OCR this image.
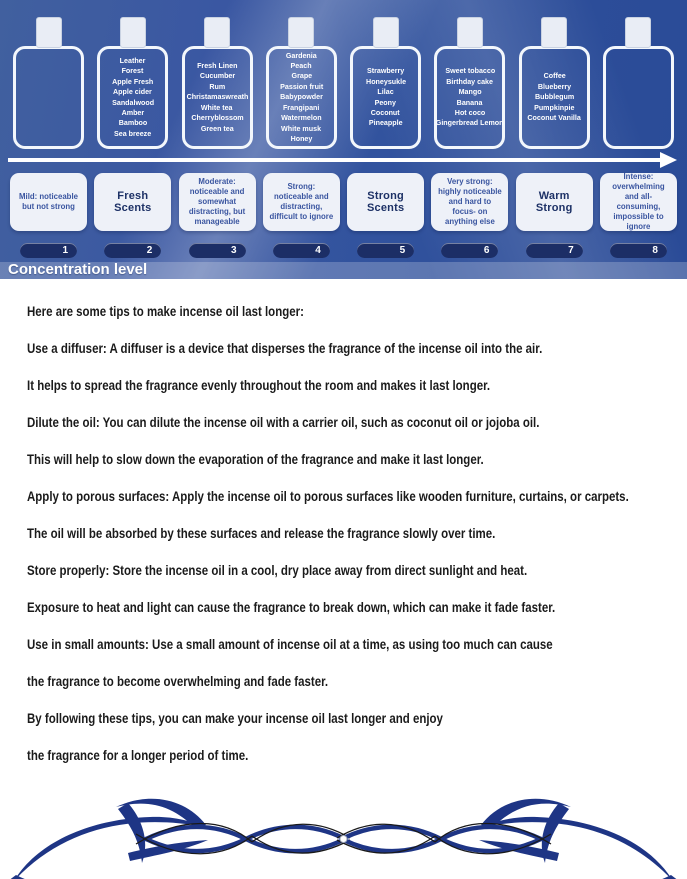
Leather
Forest
Apple Fresh
Apple cider
Sandalwood
Amber
Bamboo
Sea breeze
Fresh Linen
Cucumber
Rum
Christamaswreath
White tea
Cherryblossom
Green tea
Gardenia
Peach
Grape
Passion fruit
Babypowder
Frangipani
Watermelon
White musk
Honey
Strawberry
Honeysukle
Lilac
Peony
Coconut
Pineapple
Sweet tobacco
Birthday cake
Mango
Banana
Hot coco
Gingerbread Lemon
Coffee
Blueberry
Bubblegum
Pumpkinpie
Coconut Vanilla
Mild: noticeable but not strong
Fresh Scents
Moderate: noticeable and somewhat distracting, but manageable
Strong: noticeable and distracting, difficult to ignore
Strong Scents
Very strong: highly noticeable and hard to focus- on anything else
Warm Strong
Intense: overwhelming and all-consuming, impossible to ignore
1	2	3	4	5	6	7	8
Concentration level
Here are some tips to make incense oil last longer:
Use a diffuser: A diffuser is a device that disperses the fragrance of the incense oil into the air.
It helps to spread the fragrance evenly throughout the room and makes it last longer.
Dilute the oil: You can dilute the incense oil with a carrier oil, such as coconut oil or jojoba oil.
This will help to slow down the evaporation of the fragrance and make it last longer.
Apply to porous surfaces: Apply the incense oil to porous surfaces like wooden furniture, curtains, or carpets.
The oil will be absorbed by these surfaces and release the fragrance slowly over time.
Store properly: Store the incense oil in a cool, dry place away from direct sunlight and heat.
Exposure to heat and light can cause the fragrance to break down, which can make it fade faster.
Use in small amounts: Use a small amount of incense oil at a time, as using too much can cause
the fragrance to become overwhelming and fade faster.
By following these tips, you can make your incense oil last longer and enjoy
the fragrance for a longer period of time.
